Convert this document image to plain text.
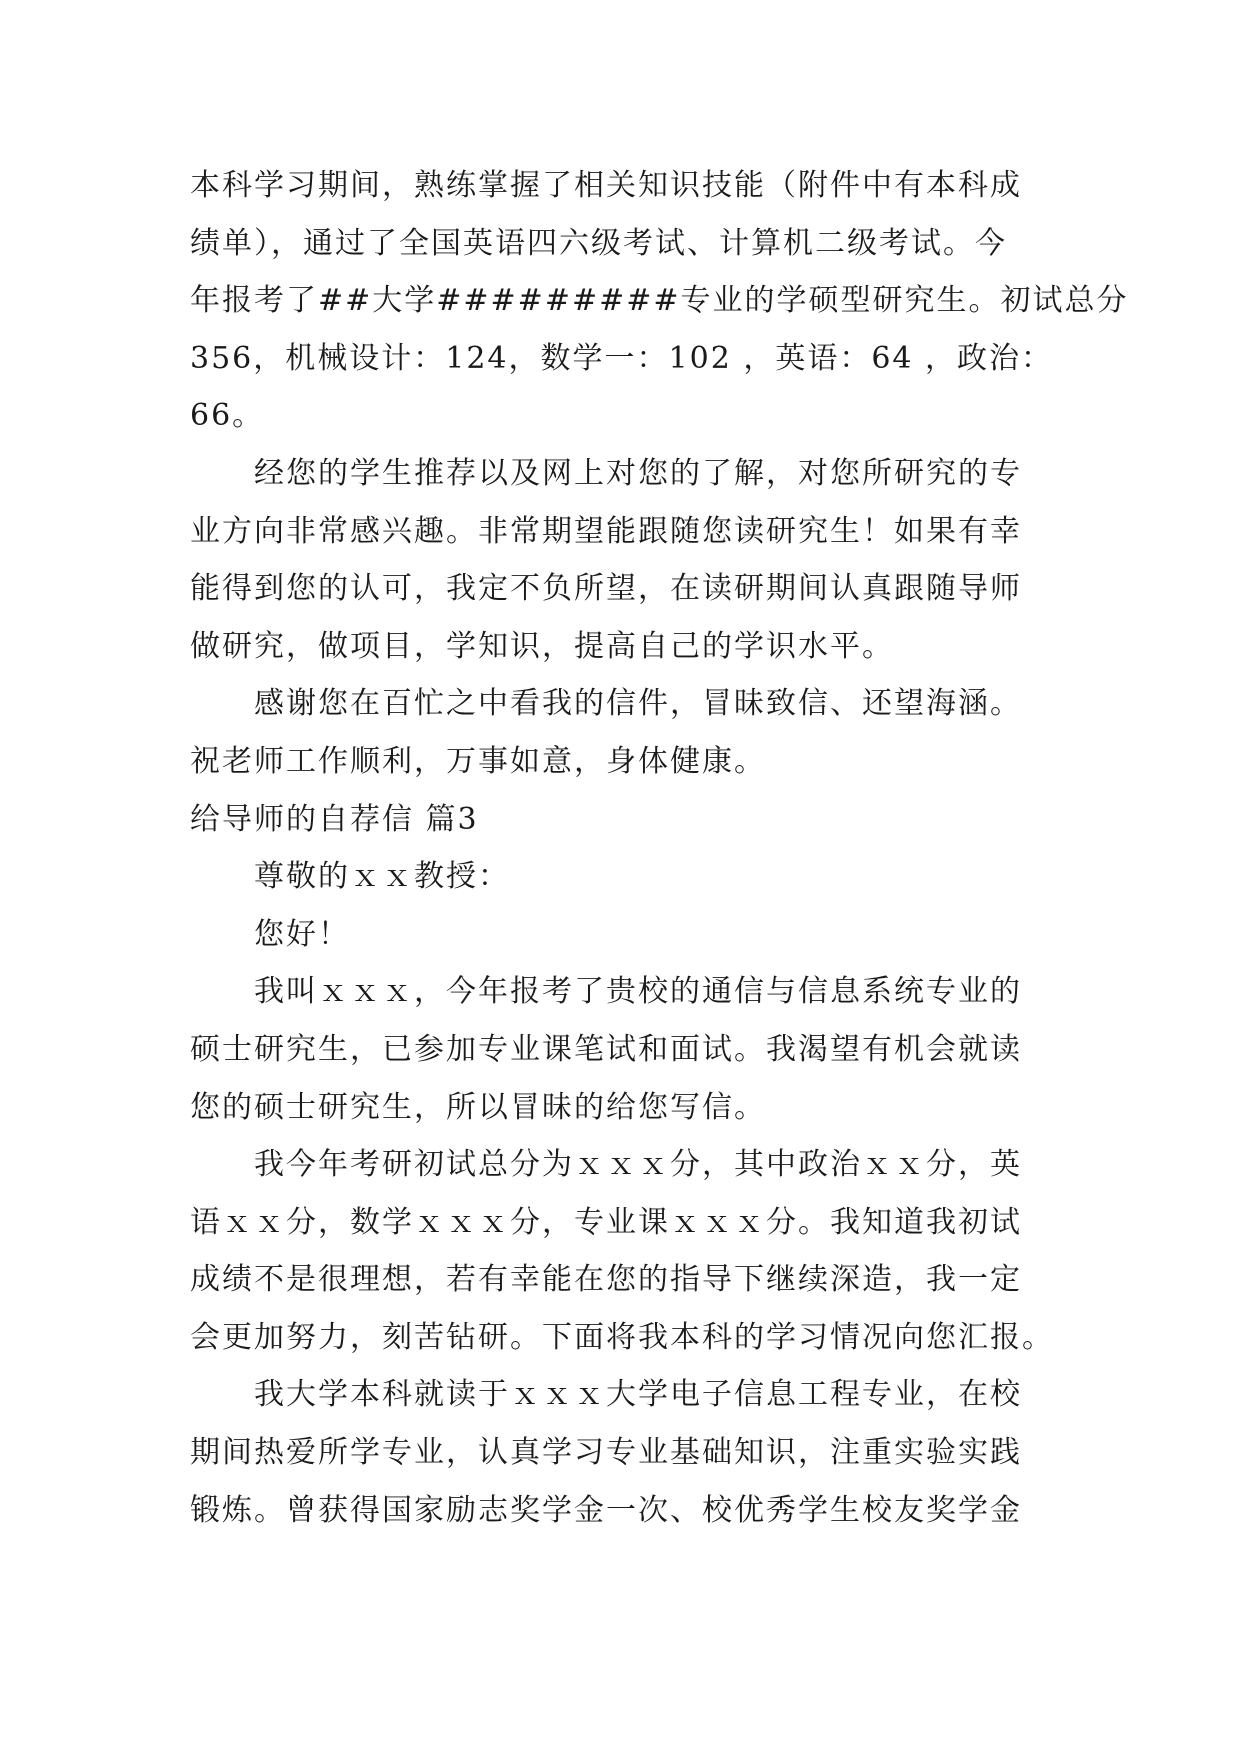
本科学习期间，熟练掌握了相关知识技能（附件中有本科成
绩单），通过了全国英语四六级考试、计算机二级考试。今
年报考了##大学#########专业的学硕型研究生。初试总分
356，机械设计：124，数学一：102 ，英语：64 ，政治：
66。

经您的学生推荐以及网上对您的了解，对您所研究的专
业方向非常感兴趣。非常期望能跟随您读研究生！如果有幸
能得到您的认可，我定不负所望，在读研期间认真跟随导师
做研究，做项目，学知识，提高自己的学识水平。

感谢您在百忙之中看我的信件，冒昧致信、还望海涵。
祝老师工作顺利，万事如意，身体健康。

给导师的自荐信 篇3

尊敬的ｘｘ教授：

您好！

我叫ｘｘｘ，今年报考了贵校的通信与信息系统专业的
硕士研究生，已参加专业课笔试和面试。我渴望有机会就读
您的硕士研究生，所以冒昧的给您写信。

我今年考研初试总分为ｘｘｘ分，其中政治ｘｘ分，英
语ｘｘ分，数学ｘｘｘ分，专业课ｘｘｘ分。我知道我初试
成绩不是很理想，若有幸能在您的指导下继续深造，我一定
会更加努力，刻苦钻研。下面将我本科的学习情况向您汇报。

我大学本科就读于ｘｘｘ大学电子信息工程专业，在校
期间热爱所学专业，认真学习专业基础知识，注重实验实践
锻炼。曾获得国家励志奖学金一次、校优秀学生校友奖学金
